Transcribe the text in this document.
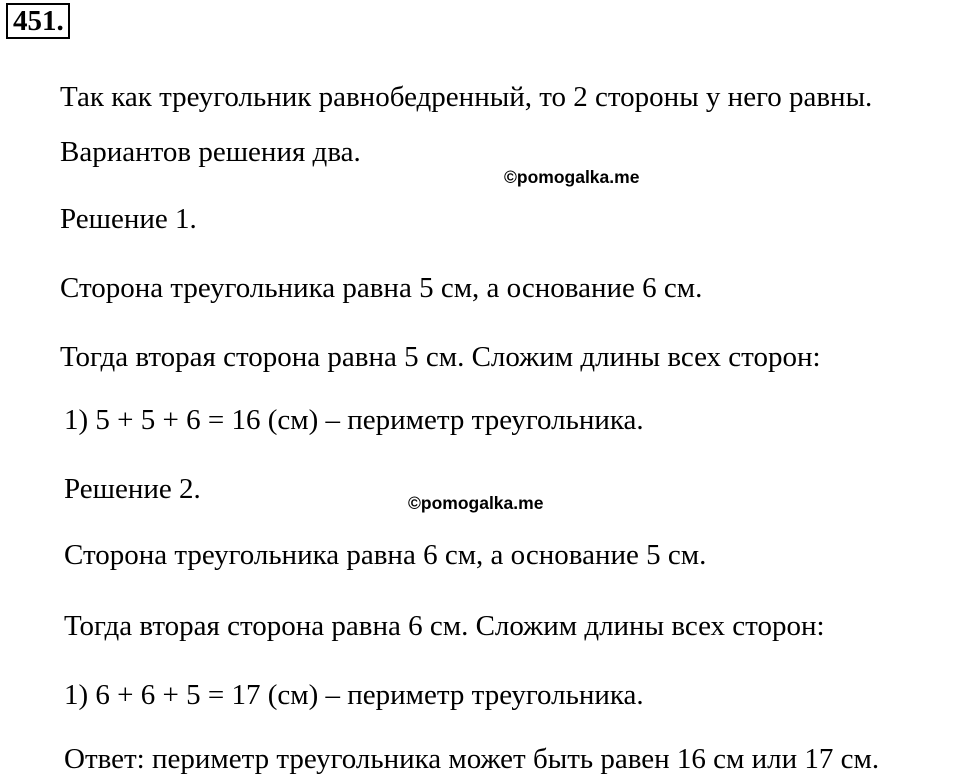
451.

Так как треугольник равнобедренный, то 2 стороны у него равны.

Вариантов решения два.

©pomogalka.me

Решение 1.

Сторона треугольника равна 5 см, а основание 6 см.

Тогда вторая сторона равна 5 см. Сложим длины всех сторон:

1) 5 + 5 + 6 = 16 (см) – периметр треугольника.

Решение 2.	©pomogalka.me

Сторона треугольника равна 6 см, а основание 5 см.

Тогда вторая сторона равна 6 см. Сложим длины всех сторон:

1) 6 + 6 + 5 = 17 (см) – периметр треугольника.

Ответ: периметр треугольника может быть равен 16 см или 17 см.
